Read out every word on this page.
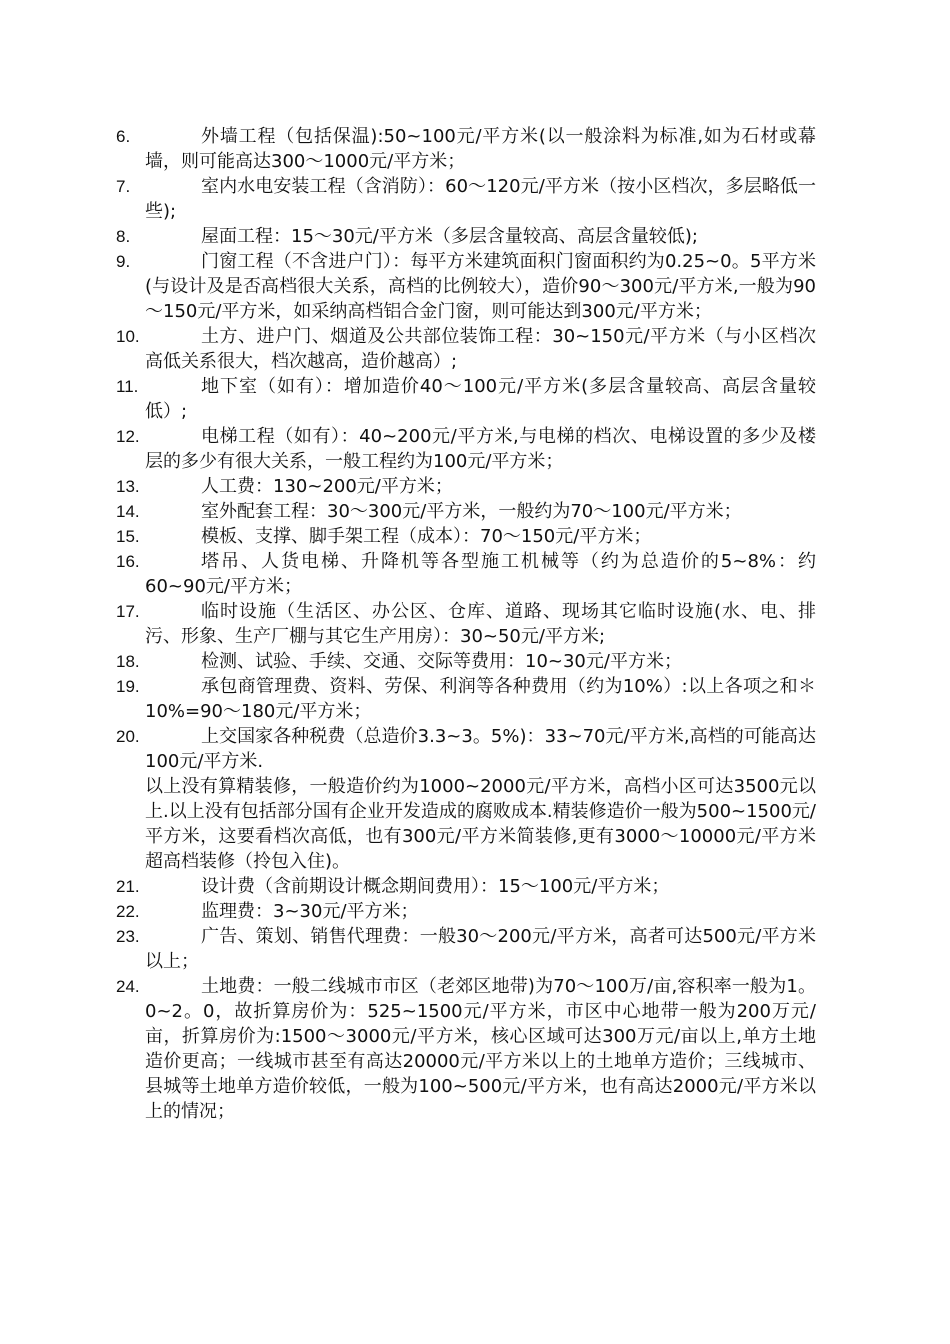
6.	外墙工程（包括保温):50~100元/平方米(以一般涂料为标准,如为石材或幕墙，则可能高达300～1000元/平方米；
7.	室内水电安装工程（含消防）：60～120元/平方米（按小区档次，多层略低一些);
8.	屋面工程：15～30元/平方米（多层含量较高、高层含量较低);
9.	门窗工程（不含进户门）：每平方米建筑面积门窗面积约为0.25~0。5平方米(与设计及是否高档很大关系，高档的比例较大），造价90～300元/平方米,一般为90～150元/平方米，如采纳高档铝合金门窗，则可能达到300元/平方米；
10.	土方、进户门、烟道及公共部位装饰工程：30~150元/平方米（与小区档次高低关系很大，档次越高，造价越高）;
11.	地下室（如有）：增加造价40～100元/平方米(多层含量较高、高层含量较低）;
12.	电梯工程（如有）：40~200元/平方米,与电梯的档次、电梯设置的多少及楼层的多少有很大关系，一般工程约为100元/平方米；
13.	人工费：130~200元/平方米；
14.	室外配套工程：30～300元/平方米，一般约为70～100元/平方米；
15.	模板、支撑、脚手架工程（成本）：70～150元/平方米；
16.	塔吊、人货电梯、升降机等各型施工机械等（约为总造价的5~8%：约60~90元/平方米；
17.	临时设施（生活区、办公区、仓库、道路、现场其它临时设施(水、电、排污、形象、生产厂棚与其它生产用房）：30~50元/平方米;
18.	检测、试验、手续、交通、交际等费用：10~30元/平方米；
19.	承包商管理费、资料、劳保、利润等各种费用（约为10%）:以上各项之和＊10%=90～180元/平方米；
20.	上交国家各种税费（总造价3.3~3。5%)：33~70元/平方米,高档的可能高达100元/平方米.
以上没有算精装修，一般造价约为1000~2000元/平方米，高档小区可达3500元以上.以上没有包括部分国有企业开发造成的腐败成本.精装修造价一般为500~1500元/平方米，这要看档次高低，也有300元/平方米简装修,更有3000～10000元/平方米超高档装修（拎包入住)。
21.	设计费（含前期设计概念期间费用）：15～100元/平方米；
22.	监理费：3~30元/平方米；
23.	广告、策划、销售代理费：一般30～200元/平方米，高者可达500元/平方米以上；
24.	土地费：一般二线城市市区（老郊区地带)为70～100万/亩,容积率一般为1。0~2。0，故折算房价为：525~1500元/平方米，市区中心地带一般为200万元/亩，折算房价为:1500～3000元/平方米，核心区域可达300万元/亩以上,单方土地造价更高；一线城市甚至有高达20000元/平方米以上的土地单方造价；三线城市、县城等土地单方造价较低，一般为100~500元/平方米，也有高达2000元/平方米以上的情况；
